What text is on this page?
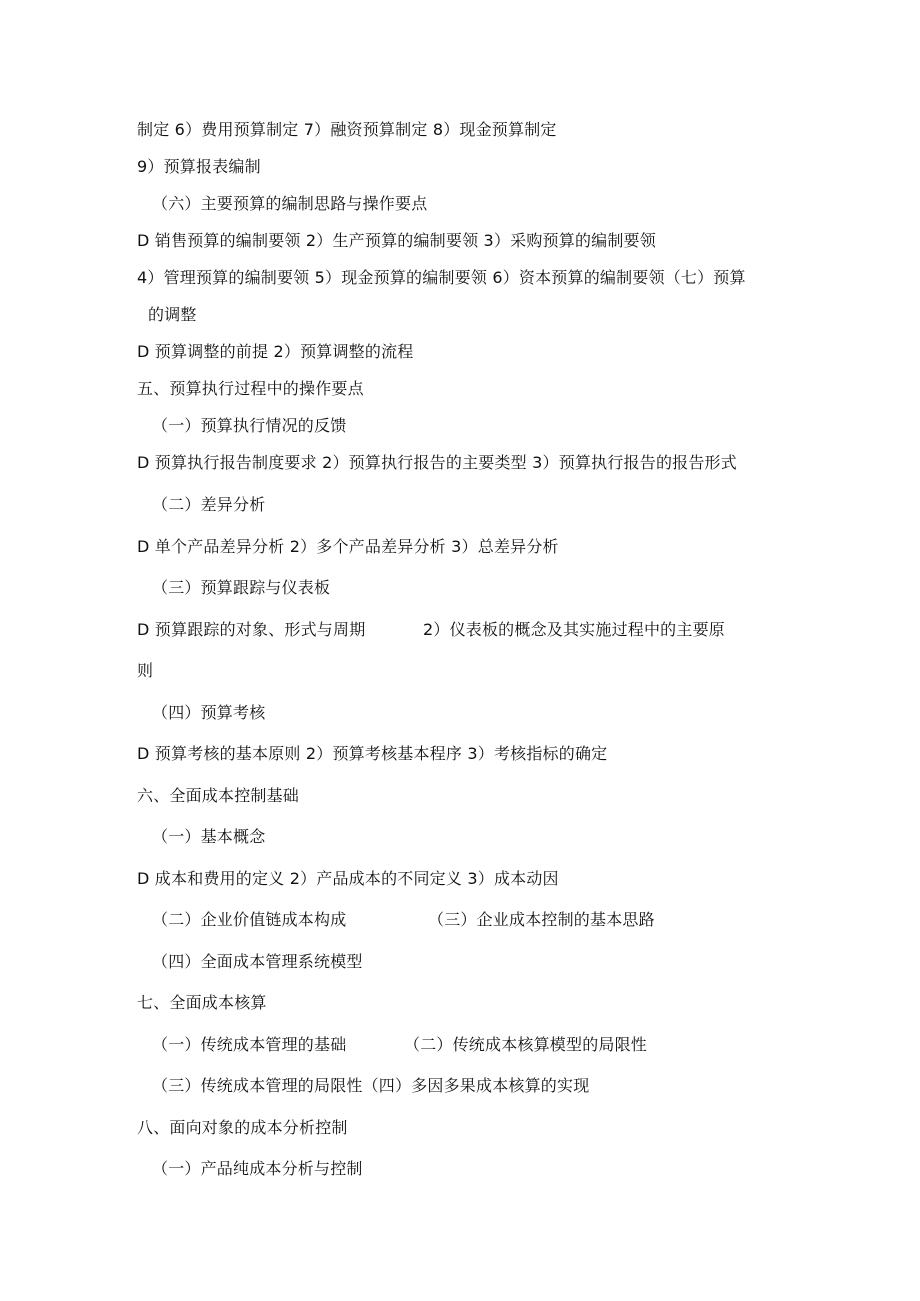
制定 6）费用预算制定 7）融资预算制定 8）现金预算制定
9）预算报表编制
（六）主要预算的编制思路与操作要点
D 销售预算的编制要领 2）生产预算的编制要领 3）采购预算的编制要领
4）管理预算的编制要领 5）现金预算的编制要领 6）资本预算的编制要领（七）预算
的调整
D 预算调整的前提 2）预算调整的流程
五、预算执行过程中的操作要点
（一）预算执行情况的反馈
D 预算执行报告制度要求 2）预算执行报告的主要类型 3）预算执行报告的报告形式
（二）差异分析
D 单个产品差异分析 2）多个产品差异分析 3）总差异分析
（三）预算跟踪与仪表板
D 预算跟踪的对象、形式与周期	2）仪表板的概念及其实施过程中的主要原
则
（四）预算考核
D 预算考核的基本原则 2）预算考核基本程序 3）考核指标的确定
六、全面成本控制基础
（一）基本概念
D 成本和费用的定义 2）产品成本的不同定义 3）成本动因
（二）企业价值链成本构成	（三）企业成本控制的基本思路
（四）全面成本管理系统模型
七、全面成本核算
（一）传统成本管理的基础	（二）传统成本核算模型的局限性
（三）传统成本管理的局限性（四）多因多果成本核算的实现
八、面向对象的成本分析控制
（一）产品纯成本分析与控制
